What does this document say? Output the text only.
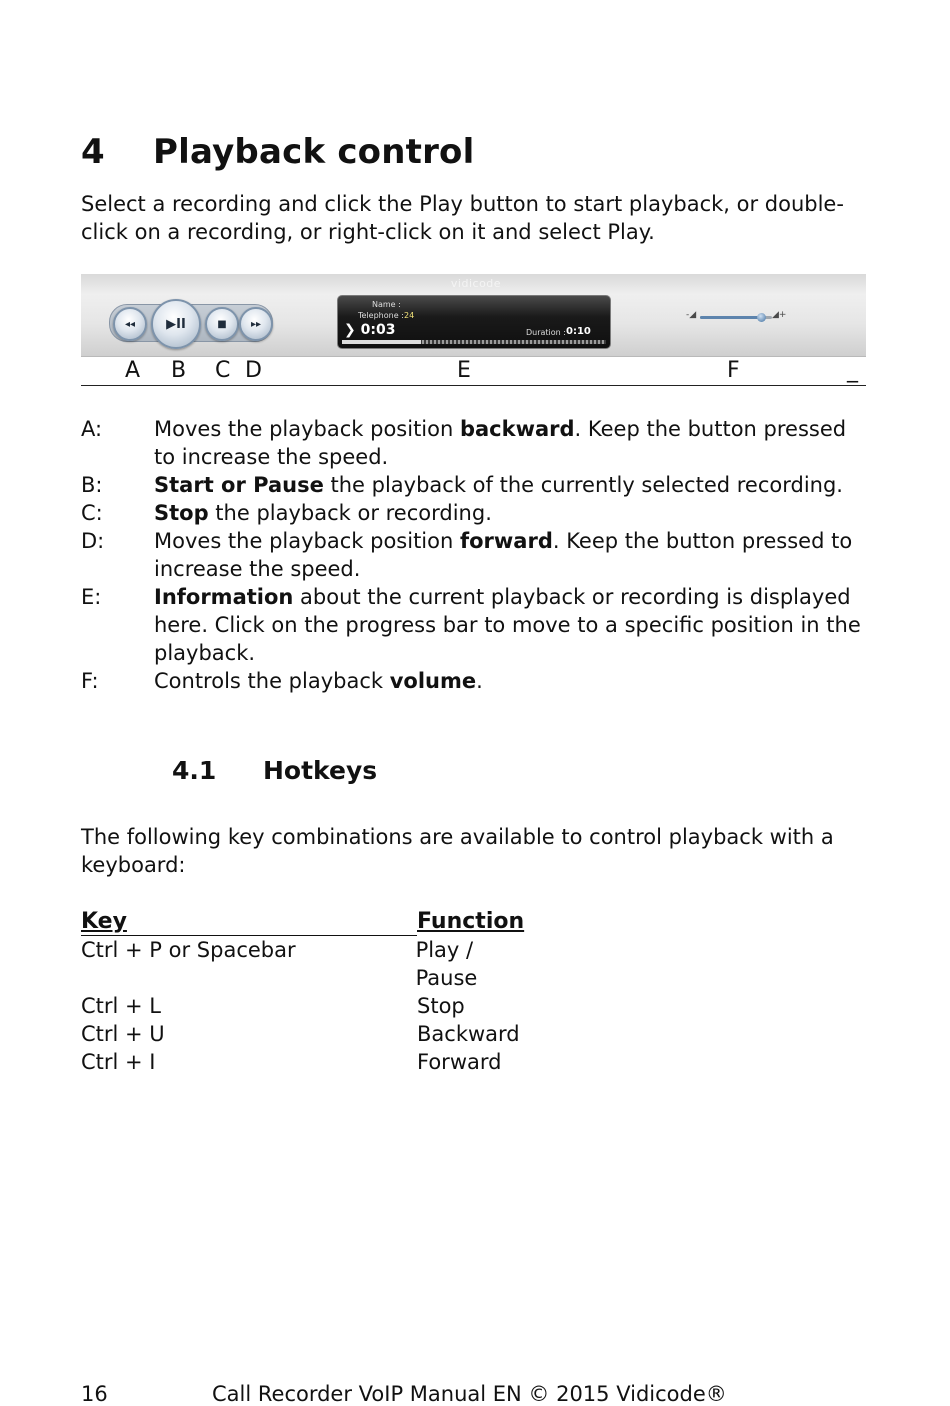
4 Playback control
Select a recording and click the Play button to start playback, or double-click on a recording, or right-click on it and select Play.
vidicode
◂◂ ▶II	■ ▸▸
Name :
Telephone : 24
❯ 0:03	Duration : 0:10
-◢	◢+
A B C D	E	F	_
A:	Moves the playback position backward. Keep the button pressed to increase the speed.
B:	Start or Pause the playback of the currently selected recording.
C:	Stop the playback or recording.
D:	Moves the playback position forward. Keep the button pressed to increase the speed.
E:	Information about the current playback or recording is displayed here. Click on the progress bar to move to a specific position in the playback.
F:	Controls the playback volume.
4.1 Hotkeys
The following key combinations are available to control playback with a keyboard:
Key	Function
Ctrl + P or Spacebar	Play / Pause
Ctrl + L	Stop
Ctrl + U	Backward
Ctrl + I	Forward
16	Call Recorder VoIP Manual EN © 2015 Vidicode®
